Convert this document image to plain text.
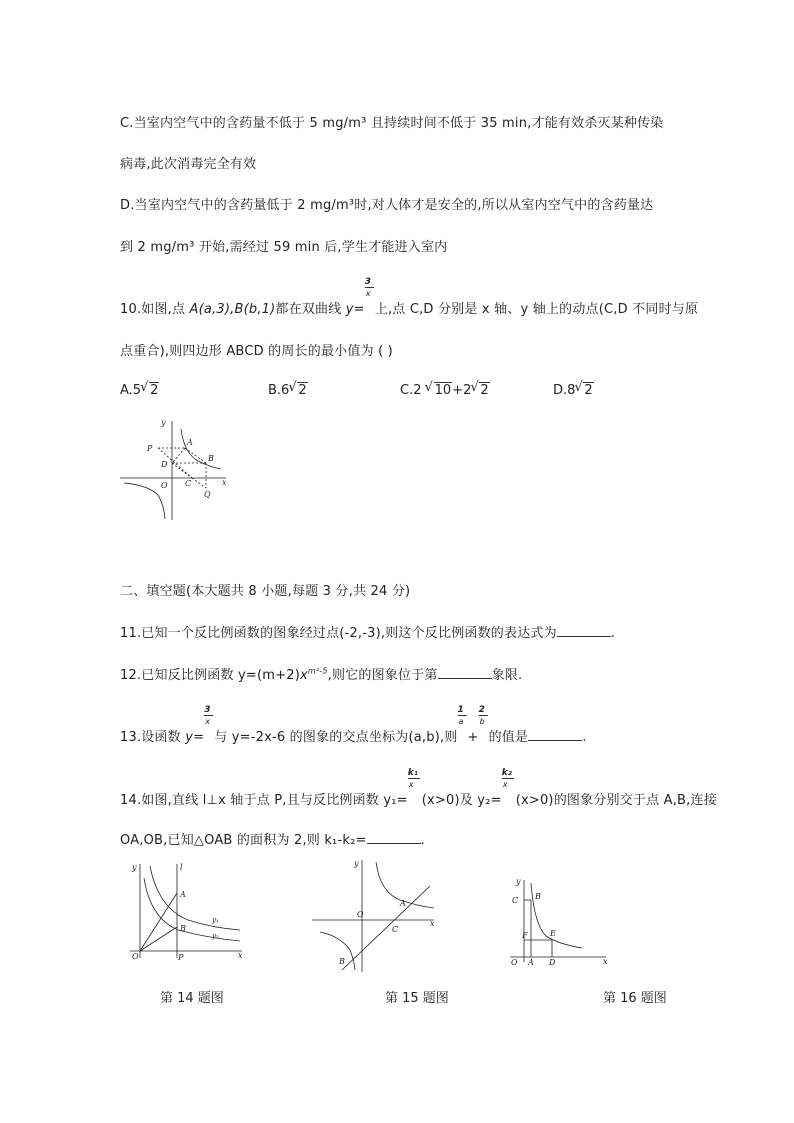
C.当室内空气中的含药量不低于 5 mg/m³ 且持续时间不低于 35 min,才能有效杀灭某种传染
病毒,此次消毒完全有效
D.当室内空气中的含药量低于 2 mg/m³时,对人体才是安全的,所以从室内空气中的含药量达
到 2 mg/m³ 开始,需经过 59 min 后,学生才能进入室内
10.如图,点 A(a,3),B(b,1)都在双曲线 $y= \frac{3}{x}$ 上,点 C,D 分别是 x 轴、y 轴上的动点(C,D 不同时与原
点重合),则四边形 ABCD 的周长的最小值为 ( )
A.5 √ 2	B.6 √ 2	C.2 √ 10+2 √ 2	D.8 √ 2
y
x
O
P
A
B
D
C
Q
二、填空题(本大题共 8 小题,每题 3 分,共 24 分)
11.已知一个反比例函数的图象经过点(-2,-3),则这个反比例函数的表达式为	.
12.已知反比例函数 $y=(m+2)x^{m^2-5}$,则它的图象位于第	象限.
13.设函数 $y= \frac{3}{x}$ 与 y=-2x-6 的图象的交点坐标为(a,b),则 $\frac{1}{a} + \frac{2}{b}$ 的值是	.
14.如图,直线 l⊥x 轴于点 P,且与反比例函数 $y_1= \frac{\text{k₁}}{x} (x>0)$及 $y_2= \frac{\text{k₂}}{x} (x>0)$的图象分别交于点 A,B,连接
OA,OB,已知△OAB 的面积为 2,则 k₁-k₂=	.
y	l
A
B
y₁
y₂
O	P	x
y
A
O
C
B
x
y
C B
F	E
O A D	x
第 14 题图	第 15 题图	第 16 题图
